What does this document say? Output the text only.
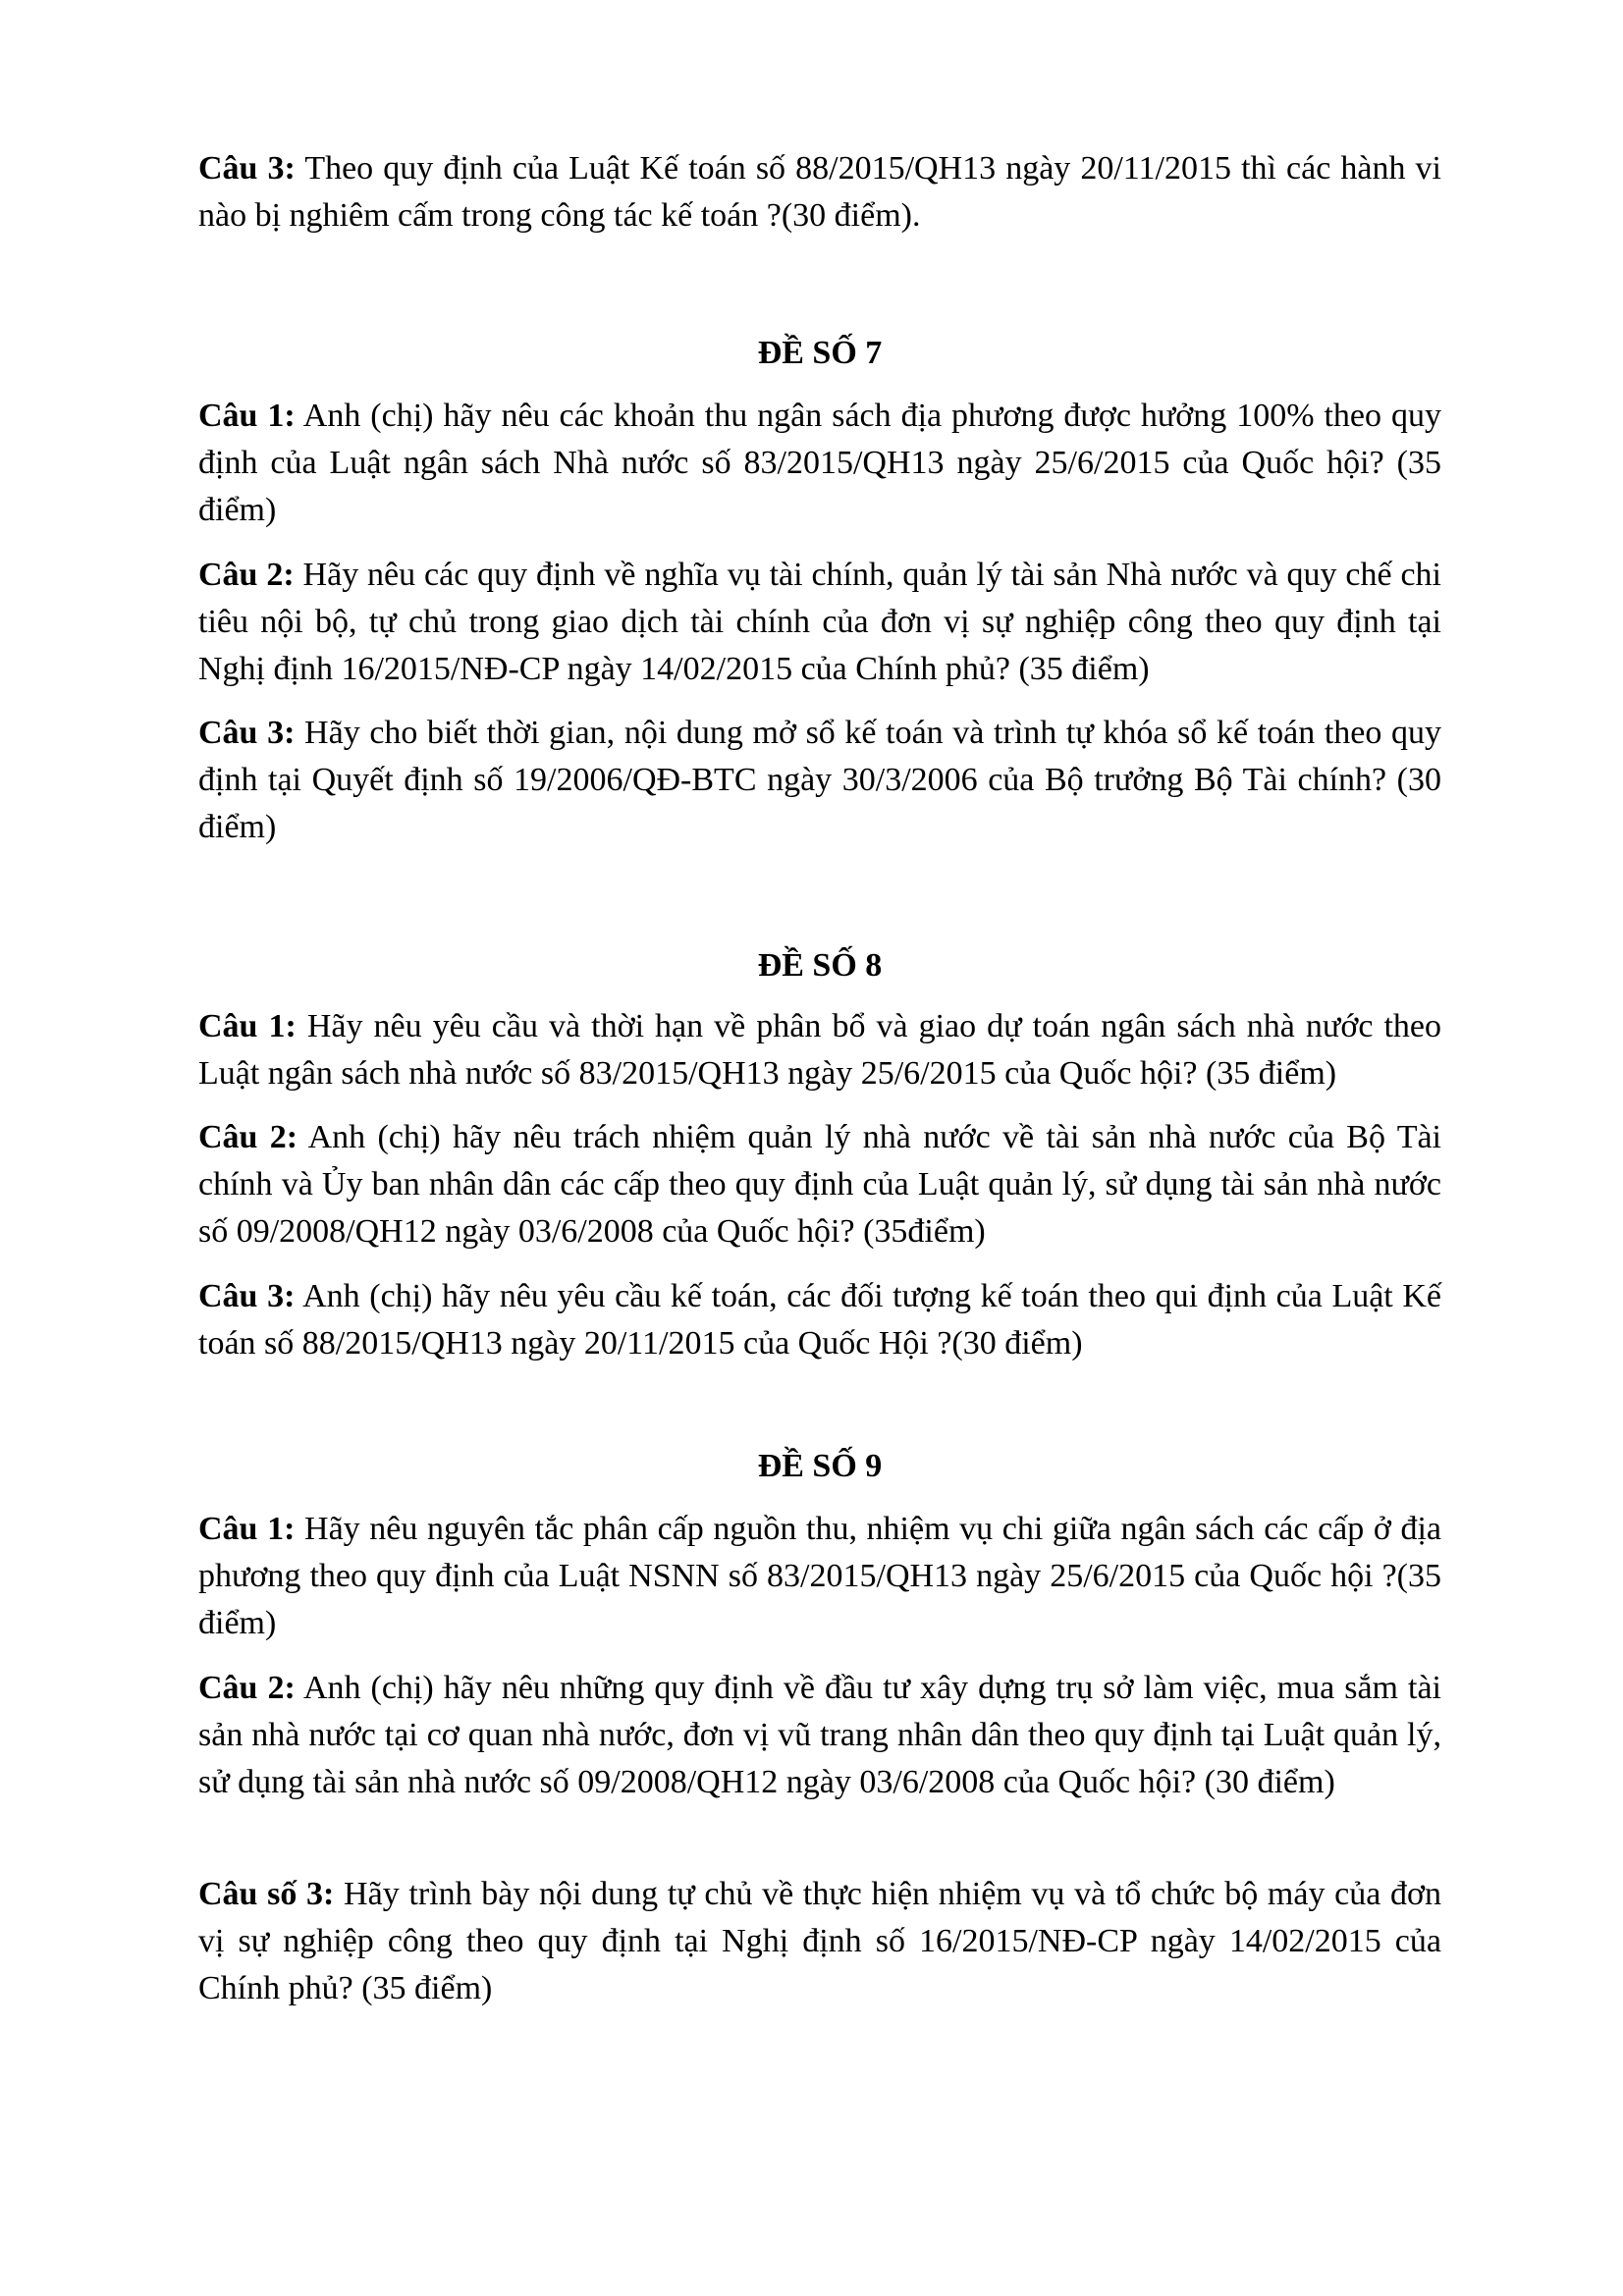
Câu 3: Theo quy định của Luật Kế toán số 88/2015/QH13 ngày 20/11/2015 thì các hành vi nào bị nghiêm cấm trong công tác kế toán ?(30 điểm).

ĐỀ SỐ 7

Câu 1: Anh (chị) hãy nêu các khoản thu ngân sách địa phương được hưởng 100% theo quy định của Luật ngân sách Nhà nước số 83/2015/QH13 ngày 25/6/2015 của Quốc hội? (35 điểm)

Câu 2: Hãy nêu các quy định về nghĩa vụ tài chính, quản lý tài sản Nhà nước và quy chế chi tiêu nội bộ, tự chủ trong giao dịch tài chính của đơn vị sự nghiệp công theo quy định tại Nghị định 16/2015/NĐ-CP ngày 14/02/2015 của Chính phủ? (35 điểm)

Câu 3: Hãy cho biết thời gian, nội dung mở sổ kế toán và trình tự khóa sổ kế toán theo quy định tại Quyết định số 19/2006/QĐ-BTC ngày 30/3/2006 của Bộ trưởng Bộ Tài chính? (30 điểm)

ĐỀ SỐ 8

Câu 1: Hãy nêu yêu cầu và thời hạn về phân bổ và giao dự toán ngân sách nhà nước theo Luật ngân sách nhà nước số 83/2015/QH13 ngày 25/6/2015 của Quốc hội? (35 điểm)

Câu 2: Anh (chị) hãy nêu trách nhiệm quản lý nhà nước về tài sản nhà nước của Bộ Tài chính và Ủy ban nhân dân các cấp theo quy định của Luật quản lý, sử dụng tài sản nhà nước số 09/2008/QH12 ngày 03/6/2008 của Quốc hội? (35điểm)

Câu 3: Anh (chị) hãy nêu yêu cầu kế toán, các đối tượng kế toán theo qui định của Luật Kế toán số 88/2015/QH13 ngày 20/11/2015 của Quốc Hội ?(30 điểm)

ĐỀ SỐ 9

Câu 1: Hãy nêu nguyên tắc phân cấp nguồn thu, nhiệm vụ chi giữa ngân sách các cấp ở địa phương theo quy định của Luật NSNN số 83/2015/QH13 ngày 25/6/2015 của Quốc hội ?(35 điểm)

Câu 2: Anh (chị) hãy nêu những quy định về đầu tư xây dựng trụ sở làm việc, mua sắm tài sản nhà nước tại cơ quan nhà nước, đơn vị vũ trang nhân dân theo quy định tại Luật quản lý, sử dụng tài sản nhà nước số 09/2008/QH12 ngày 03/6/2008 của Quốc hội? (30 điểm)

Câu số 3: Hãy trình bày nội dung tự chủ về thực hiện nhiệm vụ và tổ chức bộ máy của đơn vị sự nghiệp công theo quy định tại Nghị định số 16/2015/NĐ-CP ngày 14/02/2015 của Chính phủ? (35 điểm)
